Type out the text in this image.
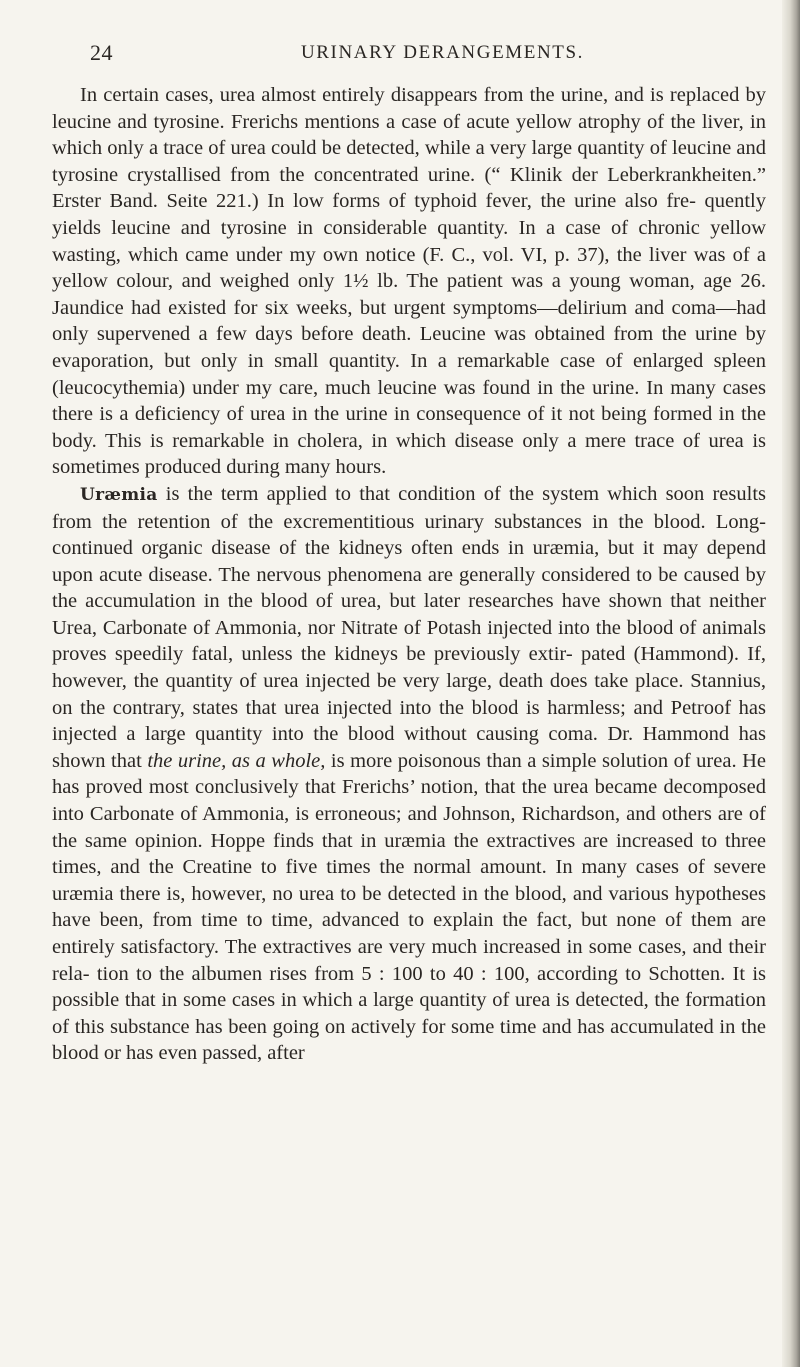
24	URINARY DERANGEMENTS.

In certain cases, urea almost entirely disappears from the urine, and is replaced by leucine and tyrosine. Frerichs mentions a case of acute yellow atrophy of the liver, in which only a trace of urea could be detected, while a very large quantity of leucine and tyrosine crystallised from the concentrated urine. (“ Klinik der Leberkrankheiten.” Erster Band. Seite 221.) In low forms of typhoid fever, the urine also fre- quently yields leucine and tyrosine in considerable quantity. In a case of chronic yellow wasting, which came under my own notice (F. C., vol. VI, p. 37), the liver was of a yellow colour, and weighed only 1½ lb. The patient was a young woman, age 26. Jaundice had existed for six weeks, but urgent symptoms—delirium and coma—had only supervened a few days before death. Leucine was obtained from the urine by evaporation, but only in small quantity. In a remarkable case of enlarged spleen (leucocythemia) under my care, much leucine was found in the urine. In many cases there is a deficiency of urea in the urine in consequence of it not being formed in the body. This is remarkable in cholera, in which disease only a mere trace of urea is sometimes produced during many hours.

Uræmia is the term applied to that condition of the system which soon results from the retention of the excrementitious urinary substances in the blood. Long-continued organic disease of the kidneys often ends in uræmia, but it may depend upon acute disease. The nervous phenomena are generally considered to be caused by the accumulation in the blood of urea, but later researches have shown that neither Urea, Carbonate of Ammonia, nor Nitrate of Potash injected into the blood of animals proves speedily fatal, unless the kidneys be previously extir- pated (Hammond). If, however, the quantity of urea injected be very large, death does take place. Stannius, on the contrary, states that urea injected into the blood is harmless; and Petroof has injected a large quantity into the blood without causing coma. Dr. Hammond has shown that the urine, as a whole, is more poisonous than a simple solution of urea. He has proved most conclusively that Frerichs’ notion, that the urea became decomposed into Carbonate of Ammonia, is erroneous; and Johnson, Richardson, and others are of the same opinion. Hoppe finds that in uræmia the extractives are increased to three times, and the Creatine to five times the normal amount. In many cases of severe uræmia there is, however, no urea to be detected in the blood, and various hypotheses have been, from time to time, advanced to explain the fact, but none of them are entirely satisfactory. The extractives are very much increased in some cases, and their rela- tion to the albumen rises from 5 : 100 to 40 : 100, according to Schotten. It is possible that in some cases in which a large quantity of urea is detected, the formation of this substance has been going on actively for some time and has accumulated in the blood or has even passed, after
